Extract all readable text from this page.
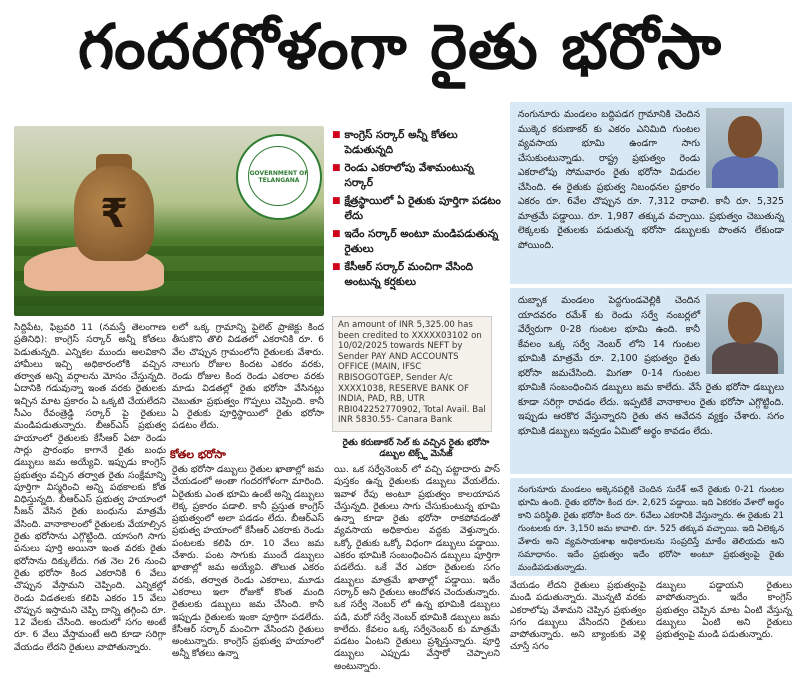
గందరగోళంగా రైతు భరోసా
₹
GOVERNMENT OF TELANGANA
■ కాంగ్రెస్ సర్కార్ అన్నీ కోతలు పెడుతున్నది
■ రెండు ఎకరాలోపు వేశామంటున్న సర్కార్
■ క్షేత్రస్థాయిలో ఏ రైతుకు పూర్తిగా పడటం లేదు
■ ఇదేం సర్కార్ అంటూ మండిపడుతున్న రైతులు
■ కేసీఆర్ సర్కార్ మంచిగా వేసింది అంటున్న కర్షకులు
సిద్దిపేట, ఫిబ్రవరి 11 (నమస్తే తెలంగాణ ప్రతినిధి): కాంగ్రెస్ సర్కార్ అన్నీ కోతలు పెడుతున్నది. ఎన్నికల ముందు అలవికాని హామీలు ఇచ్చి అధికారంలోకి వచ్చిన తర్వాత అన్ని వర్గాలను మోసం చేస్తున్నది. ఏదానికి గడువున్నా ఇంత వరకు రైతులకు ఇచ్చిన మాట ప్రకారం ఏ ఒక్కటి చేయలేదని సీఎం రేవంత్రెడ్డి సర్కార్ పై రైతులు మండిపడుతున్నారు. బీఆర్ఎస్ ప్రభుత్వ హయాంలో రైతులకు కేసీఆర్ ఏటా రెండు సార్లు ప్రారంభం కాగానే రైతు బంధు డబ్బులు జమ అయ్యేవి. ఇప్పుడు కాంగ్రెస్ ప్రభుత్వం వచ్చిన తర్వాత రైతు సంక్షేమాన్ని పూర్తిగా విస్మరించి అన్ని పథకాలకు కోత విధిస్తున్నది. బీఆర్ఎస్ ప్రభుత్వ హయాంలో సీజన్ వేసిన రైతు బంధును మాత్రమే వేసింది. వానాకాలంలో రైతులకు వేయాల్సిన రైతు భరోసాను ఎగ్గొట్టింది. యాసంగి సాగు పనులు పూర్తి అయినా ఇంత వరకు రైతు భరోసాను దిక్కులేదు. గత నెల 26 నుంచి రైతు భరోసా కింద ఎకరానికి 6 వేలు చొప్పున వేస్తామని చెప్పింది. ఎన్నికల్లో రెండు విడతలకు కలిపి ఎకరం 15 వేలు చొప్పున ఇస్తామని చెప్పి దాన్ని తగ్గించి రూ. 12 వేలకు చేసింది. అందులో సగం అంటే రూ. 6 వేలు వేస్తామంటే అది కూడా సరిగ్గా వేయడం లేదని రైతులు వాపోతున్నారు.
లలో ఒక్క గ్రామాన్ని పైలెట్ ప్రాజెక్టు కింద తీసుకొని తొలి విడతలో ఎకరానికి రూ. 6 వేల చొప్పున గ్రామంలోని రైతులకు వేశారు. నాలుగు రోజుల కిందట ఎకరం వరకు, రెండు రోజుల కింద రెండు ఎకరాల వరకు మాడు విడతల్లో రైతు భరోసా వేసినట్లు చెబుతూ ప్రభుత్వం గొప్పలు చెప్పింది. కానీ ఏ రైతుకు పూర్తిస్థాయిలో రైతు భరోసా పడటం లేదు.
కోతల భరోసా
రైతు భరోసా డబ్బులు రైతుల ఖాతాల్లో జమ చేయడంలో అంతా గందరగోళంగా మారింది. ఏరైతుకు ఎంత భూమి ఉంటే అన్ని డబ్బులు లెక్క ప్రకారం పడాలి. కానీ ప్రస్తుత కాంగ్రెస్ ప్రభుత్వంలో అలా పడడం లేదు. బీఆర్ఎస్ ప్రభుత్వ హయాంలో కేసీఆర్ ఎకరాకు రెండు పంటలకు కలిపి రూ. 10 వేలు జమ చేశారు. పంట సాగుకు ముందే డబ్బులు ఖాతాల్లో జమ అయ్యేవి. తొలుత ఎకరం వరకు, తర్వాత రెండు ఎకరాలు, మూడు ఎకరాలు ఇలా రోజుకో కొంత మంది రైతులకు డబ్బులు జమ చేసింది. కానీ ఇప్పుడు రైతులకు ఇంకా పూర్తిగా పడలేదు. కేసీఆర్ సర్కార్ మంచిగా వేసిందని రైతులు అంటున్నారు. కాంగ్రెస్ ప్రభుత్వ హయాంలో అన్నీ కోతలు ఉన్నా
An amount of INR 5,325.00 has been credited to XXXXX03102 on 10/02/2025 towards NEFT by Sender PAY AND ACCOUNTS OFFICE (MAIN, IFSC RBISOGOTGEP, Sender A/c XXXX1038, RESERVE BANK OF INDIA, PAD, RB, UTR RBI042252770902, Total Avail. Bal INR 5830.55- Canara Bank
రైతు కరుణాకర్ సెల్ కు వచ్చిన రైతు భరోసా డబ్బుల టెక్స్ట్ మెసేజ్
యి. ఒక సర్వేనెంబర్ లో వచ్చి పట్టాదారు పాస్ పుస్తకం ఉన్న రైతులకు డబ్బులు వేయలేదు. ఇవాళ రేపు అంటూ ప్రభుత్వం కాలయాపన చేస్తున్నది. రైతులు సాగు చేసుకుంటున్న భూమి ఉన్నా కూడా రైతు భరోసా రాకపోవడంతో వ్యవసాయ అధికారుల వద్దకు వెళ్తున్నారు. ఒక్కో రైతుకు ఒక్కో విధంగా డబ్బులు పడ్డాయి. ఎకరం భూమికి సంబంధించిన డబ్బులు పూర్తిగా పడలేదు. ఒకే వేర ఎకరా రైతులకు సగం డబ్బులు మాత్రమే ఖాతాల్లో పడ్డాయి. ఇదేం సర్కార్ అని రైతులు ఆందోళన చెందుతున్నారు. ఒక సర్వే నెంబర్ లో ఉన్న భూమికి డబ్బులు పడి, మరో సర్వే నెంబర్ భూమికి డబ్బులు జమ కాలేదు. కేవలం ఒక్క సర్వేనెంబర్ కు మాత్రమే పడటం ఏంటని రైతులు ప్రశ్నిస్తున్నారు. పూర్తి డబ్బులు ఎప్పుడు వేస్తారో చెప్పాలని అంటున్నారు.
నంగునూరు మండలం బద్దిపడగ గ్రామానికి చెందిన ముక్కెర కరుణాకర్ కు ఎకరం ఎనిమిది గుంటల వ్యవసాయ భూమి ఉండగా సాగు చేసుకుంటున్నాడు. రాష్ట్ర ప్రభుత్వం రెండు ఎకరాలోపు సోమవారం రైతు భరోసా విడుదల చేసింది. ఈ రైతుకు ప్రభుత్వ నిబంధనల ప్రకారం ఎకరం రూ. 6వేల చొప్పున రూ. 7,312 రావాలి. కానీ రూ. 5,325 మాత్రమే పడ్డాయి. రూ. 1,987 తక్కువ వచ్చాయి. ప్రభుత్వం చెబుతున్న లెక్కలకు రైతులకు పడుతున్న భరోసా డబ్బులకు పొంతన లేకుండా పోయింది.
దుబ్బాక మండలం పెద్దగుండవెల్లికి చెందిన యాదవరం రమేశ్ కు రెండు సర్వే నంబర్లలో వేర్వేరుగా 0-28 గుంటల భూమి ఉంది. కానీ కేవలం ఒక్క సర్వే నెంబర్ లోని 14 గుంటల భూమికి మాత్రమే రూ. 2,100 ప్రభుత్వం రైతు భరోసా జమచేసింది. మిగతా 0-14 గుంటల భూమికి సంబంధించిన డబ్బులు జమ కాలేదు. వేసే రైతు భరోసా డబ్బులు కూడా సరిగ్గా రావడం లేదు. ఇప్పటికే వానాకాలం రైతు భరోసా ఎగ్గొట్టింది. ఇప్పుడు ఆరకొర వేస్తున్నారని రైతు తన ఆవేదన వ్యక్తం చేశారు. సగం భూమికి డబ్బులు ఇవ్వడం ఏమిటో అర్థం కావడం లేదు.
నంగునూరు మండలం అక్కెనపల్లికి చెందిన సురేశ్ అనే రైతుకు 0-21 గుంటల భూమి ఉంది. రైతు భరోసా కింద రూ. 2,625 పడ్డాయి. ఇది ఏకరకం వేశారో అర్థం కాని పరిస్థితి. రైతు భరోసా కింద రూ. 6వేలు ఎకరానికి వేస్తున్నారు. ఈ రైతుకు 21 గుంటలకు రూ. 3,150 జమ కావాలి. రూ. 525 తక్కువ వచ్చాయి. ఇది ఏలెక్కన వేశారు అని వ్యవసాయశాఖ అధికారులను సంప్రదిస్తే మాకేం తెలియదు అని సమాధానం. ఇదేం ప్రభుత్వం ఇదేం భరోసా అంటూ ప్రభుత్వంపై రైతు మండిపడుతున్నాడు.
వేయడం లేదని రైతులు ప్రభుత్వంపై మండి పడుతున్నారు. మొన్నటి వరకు ఎకరాలోపు వేశామని చెప్పిన ప్రభుత్వం సగం డబ్బులు వేసిందని రైతులు వాపోతున్నారు. అని బ్యాంకుకు వెళ్లి చూస్తే సగం
డబ్బులు పడ్డాయని రైతులు వాపోతున్నారు. ఇదేం కాంగ్రెస్ ప్రభుత్వం చెప్పిన మాట ఏంటి వేస్తున్న డబ్బులు ఏంటి అని రైతులు ప్రభుత్వంపై మండి పడుతున్నారు.
